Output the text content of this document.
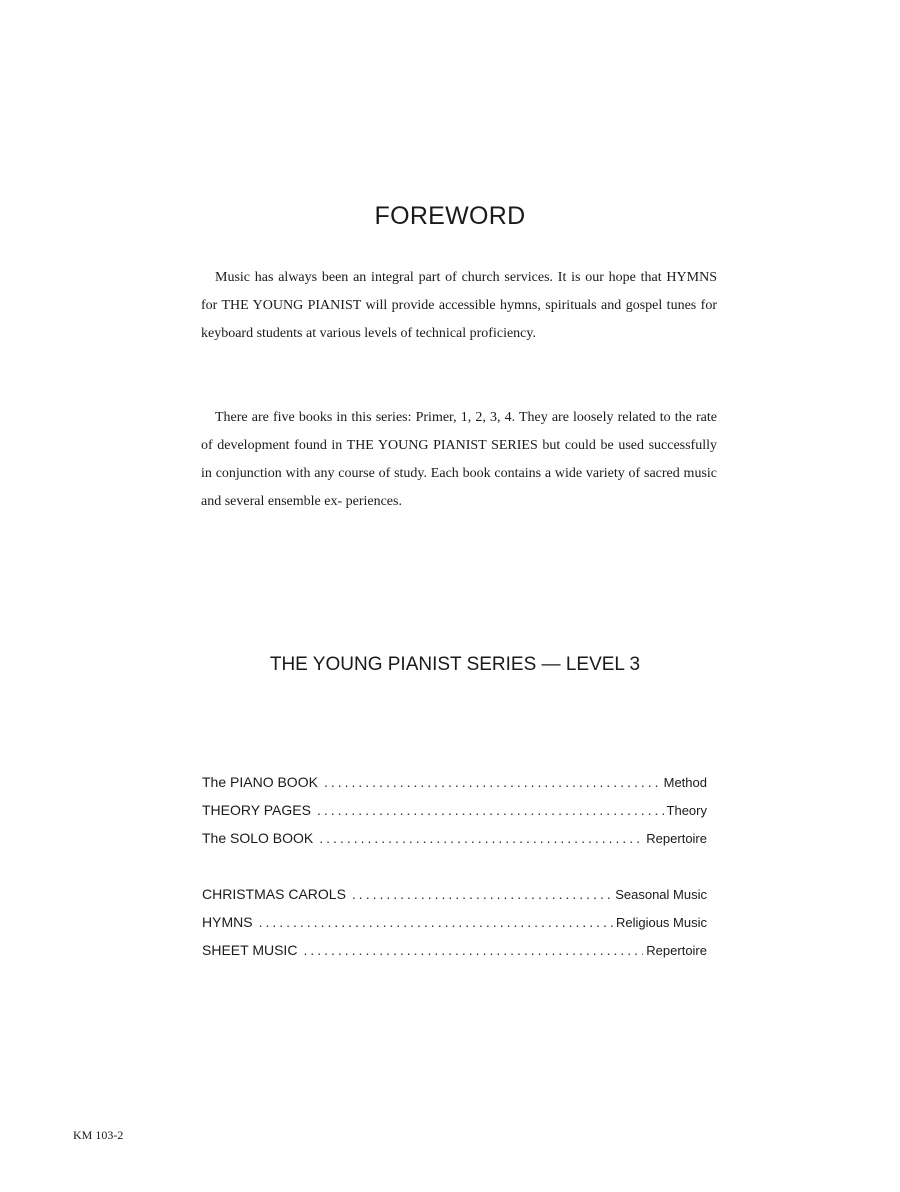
FOREWORD

Music has always been an integral part of church services. It is our hope that HYMNS for THE YOUNG PIANIST will provide accessible hymns, spirituals and gospel tunes for keyboard students at various levels of technical proficiency.

There are five books in this series: Primer, 1, 2, 3, 4. They are loosely related to the rate of development found in THE YOUNG PIANIST SERIES but could be used successfully in conjunction with any course of study. Each book contains a wide variety of sacred music and several ensemble ex- periences.

THE YOUNG PIANIST SERIES — LEVEL 3
The PIANO BOOK .....	Method
THEORY PAGES .....	Theory
The SOLO BOOK .....	Repertoire
CHRISTMAS CAROLS .....	Seasonal Music
HYMNS .....	Religious Music
SHEET MUSIC .....	Repertoire
KM 103-2
